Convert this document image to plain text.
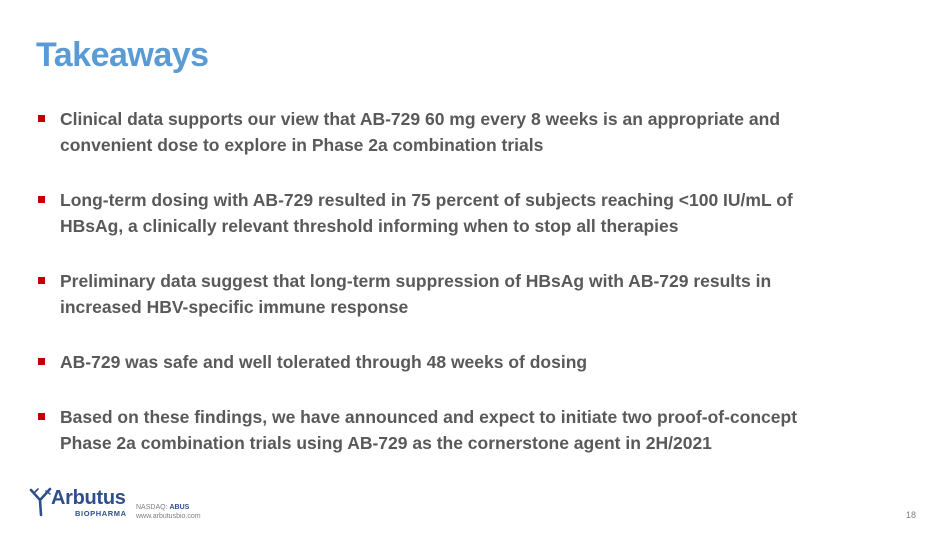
Takeaways
Clinical data supports our view that AB-729 60 mg every 8 weeks is an appropriate and
convenient dose to explore in Phase 2a combination trials
Long-term dosing with AB-729 resulted in 75 percent of subjects reaching <100 IU/mL of
HBsAg, a clinically relevant threshold informing when to stop all therapies
Preliminary data suggest that long-term suppression of HBsAg with AB-729 results in
increased HBV-specific immune response
AB-729 was safe and well tolerated through 48 weeks of dosing
Based on these findings, we have announced and expect to initiate two proof-of-concept
Phase 2a combination trials using AB-729 as the cornerstone agent in 2H/2021
Arbutus
BIOPHARMA
NASDAQ: ABUS
www.arbutusbio.com	18
